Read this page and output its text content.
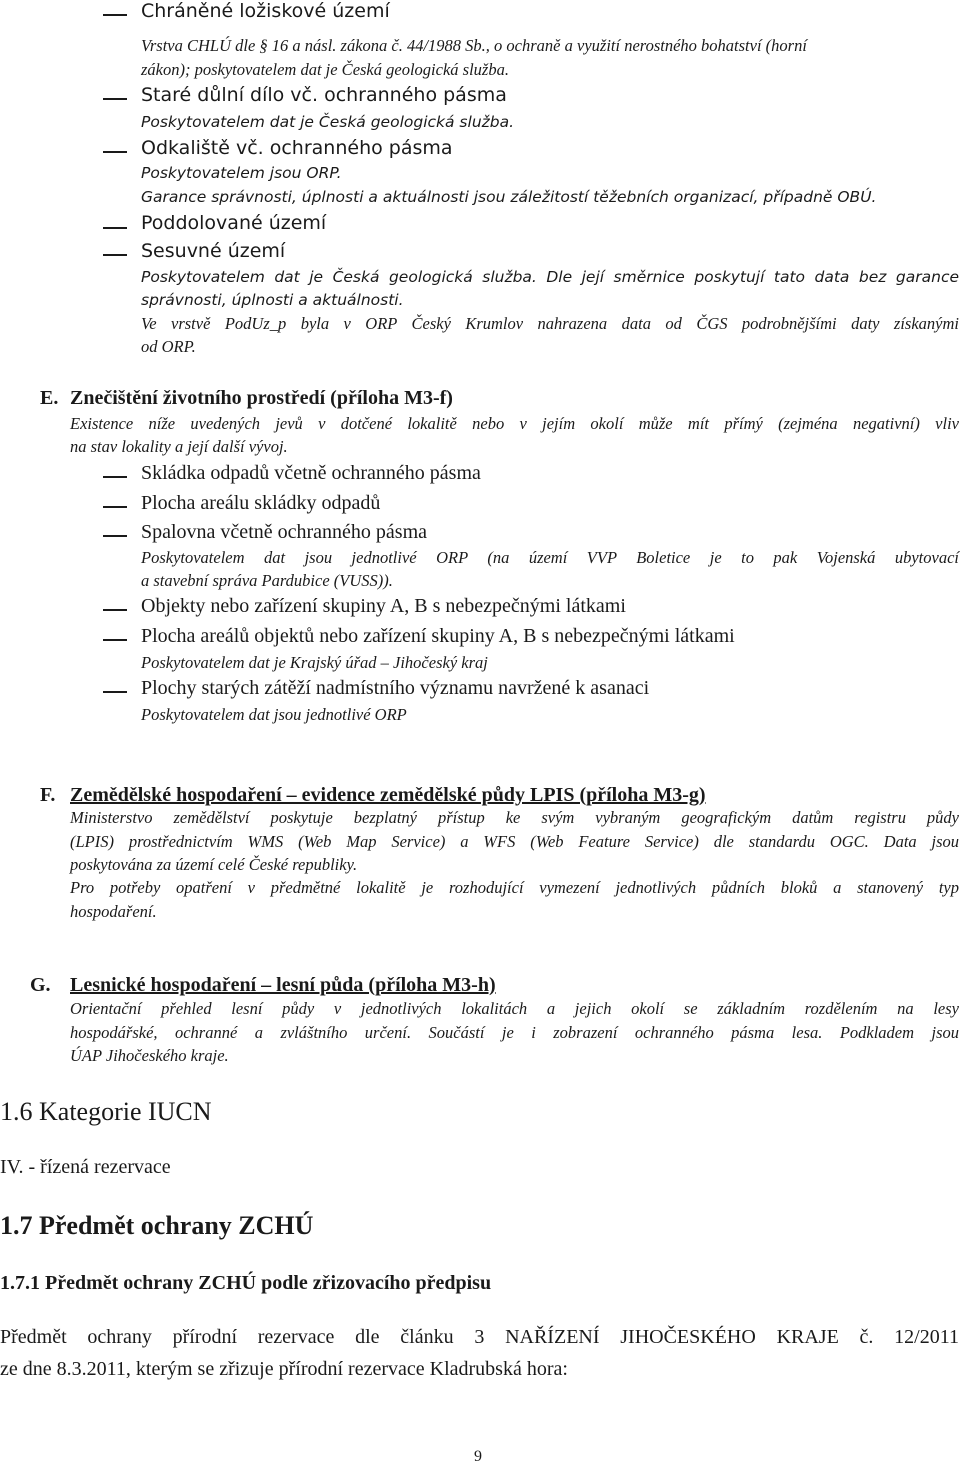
Chráněné ložiskové území
Vrstva CHLÚ dle § 16 a násl. zákona č. 44/1988 Sb., o ochraně a využití nerostného bohatství (horní
zákon); poskytovatelem dat je Česká geologická služba.
Staré důlní dílo vč. ochranného pásma
Poskytovatelem dat je Česká geologická služba.
Odkaliště vč. ochranného pásma
Poskytovatelem jsou ORP.
Garance správnosti, úplnosti a aktuálnosti jsou záležitostí těžebních organizací, případně OBÚ.
Poddolované území
Sesuvné území
Poskytovatelem dat je Česká geologická služba. Dle její směrnice poskytují tato data bez garance
správnosti, úplnosti a aktuálnosti.
Ve vrstvě PodUz_p byla v ORP Český Krumlov nahrazena data od ČGS podrobnějšími daty získanými
od ORP.
E. Znečištění životního prostředí (příloha M3-f)
Existence níže uvedených jevů v dotčené lokalitě nebo v jejím okolí může mít přímý (zejména negativní) vliv
na stav lokality a její další vývoj.
Skládka odpadů včetně ochranného pásma
Plocha areálu skládky odpadů
Spalovna včetně ochranného pásma
Poskytovatelem dat jsou jednotlivé ORP (na území VVP Boletice je to pak Vojenská ubytovací
a stavební správa Pardubice (VUSS)).
Objekty nebo zařízení skupiny A, B s nebezpečnými látkami
Plocha areálů objektů nebo zařízení skupiny A, B s nebezpečnými látkami
Poskytovatelem dat je Krajský úřad – Jihočeský kraj
Plochy starých zátěží nadmístního významu navržené k asanaci
Poskytovatelem dat jsou jednotlivé ORP
F. Zemědělské hospodaření – evidence zemědělské půdy LPIS (příloha M3-g)
Ministerstvo zemědělství poskytuje bezplatný přístup ke svým vybraným geografickým datům registru půdy
(LPIS) prostřednictvím WMS (Web Map Service) a WFS (Web Feature Service) dle standardu OGC. Data jsou
poskytována za území celé České republiky.
Pro potřeby opatření v předmětné lokalitě je rozhodující vymezení jednotlivých půdních bloků a stanovený typ
hospodaření.
G. Lesnické hospodaření – lesní půda (příloha M3-h)
Orientační přehled lesní půdy v jednotlivých lokalitách a jejich okolí se základním rozdělením na lesy
hospodářské, ochranné a zvláštního určení. Součástí je i zobrazení ochranného pásma lesa. Podkladem jsou
ÚAP Jihočeského kraje.
1.6 Kategorie IUCN
IV. - řízená rezervace
1.7 Předmět ochrany ZCHÚ
1.7.1 Předmět ochrany ZCHÚ podle zřizovacího předpisu
Předmět ochrany přírodní rezervace dle článku 3 NAŘÍZENÍ JIHOČESKÉHO KRAJE č. 12/2011
ze dne 8.3.2011, kterým se zřizuje přírodní rezervace Kladrubská hora:
9
